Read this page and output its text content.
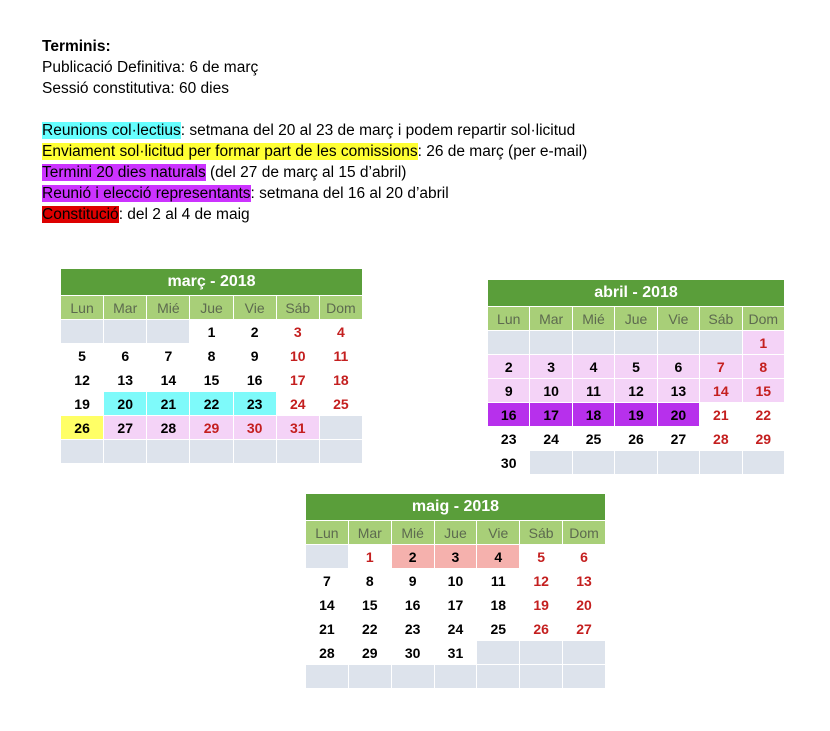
Terminis:
Publicació Definitiva: 6 de març
Sessió constitutiva: 60 dies
Reunions col·lectius: setmana del 20 al 23 de març i podem repartir sol·licitud
Enviament sol·licitud per formar part de les comissions: 26 de març (per e-mail)
Termini 20 dies naturals (del 27 de març al 15 d’abril)
Reunió i elecció representants: setmana del 16 al 20 d’abril
Constitució: del 2 al 4 de maig
març - 2018						
Lun	Mar	Mié	Jue	Vie	Sáb	Dom
			1	2	3	4
5	6	7	8	9	10	11
12	13	14	15	16	17	18
19	20	21	22	23	24	25
26	27	28	29	30	31	

abril - 2018						
Lun	Mar	Mié	Jue	Vie	Sáb	Dom
						1
2	3	4	5	6	7	8
9	10	11	12	13	14	15
16	17	18	19	20	21	22
23	24	25	26	27	28	29
30						
maig - 2018						
Lun	Mar	Mié	Jue	Vie	Sáb	Dom
	1	2	3	4	5	6
7	8	9	10	11	12	13
14	15	16	17	18	19	20
21	22	23	24	25	26	27
28	29	30	31			
